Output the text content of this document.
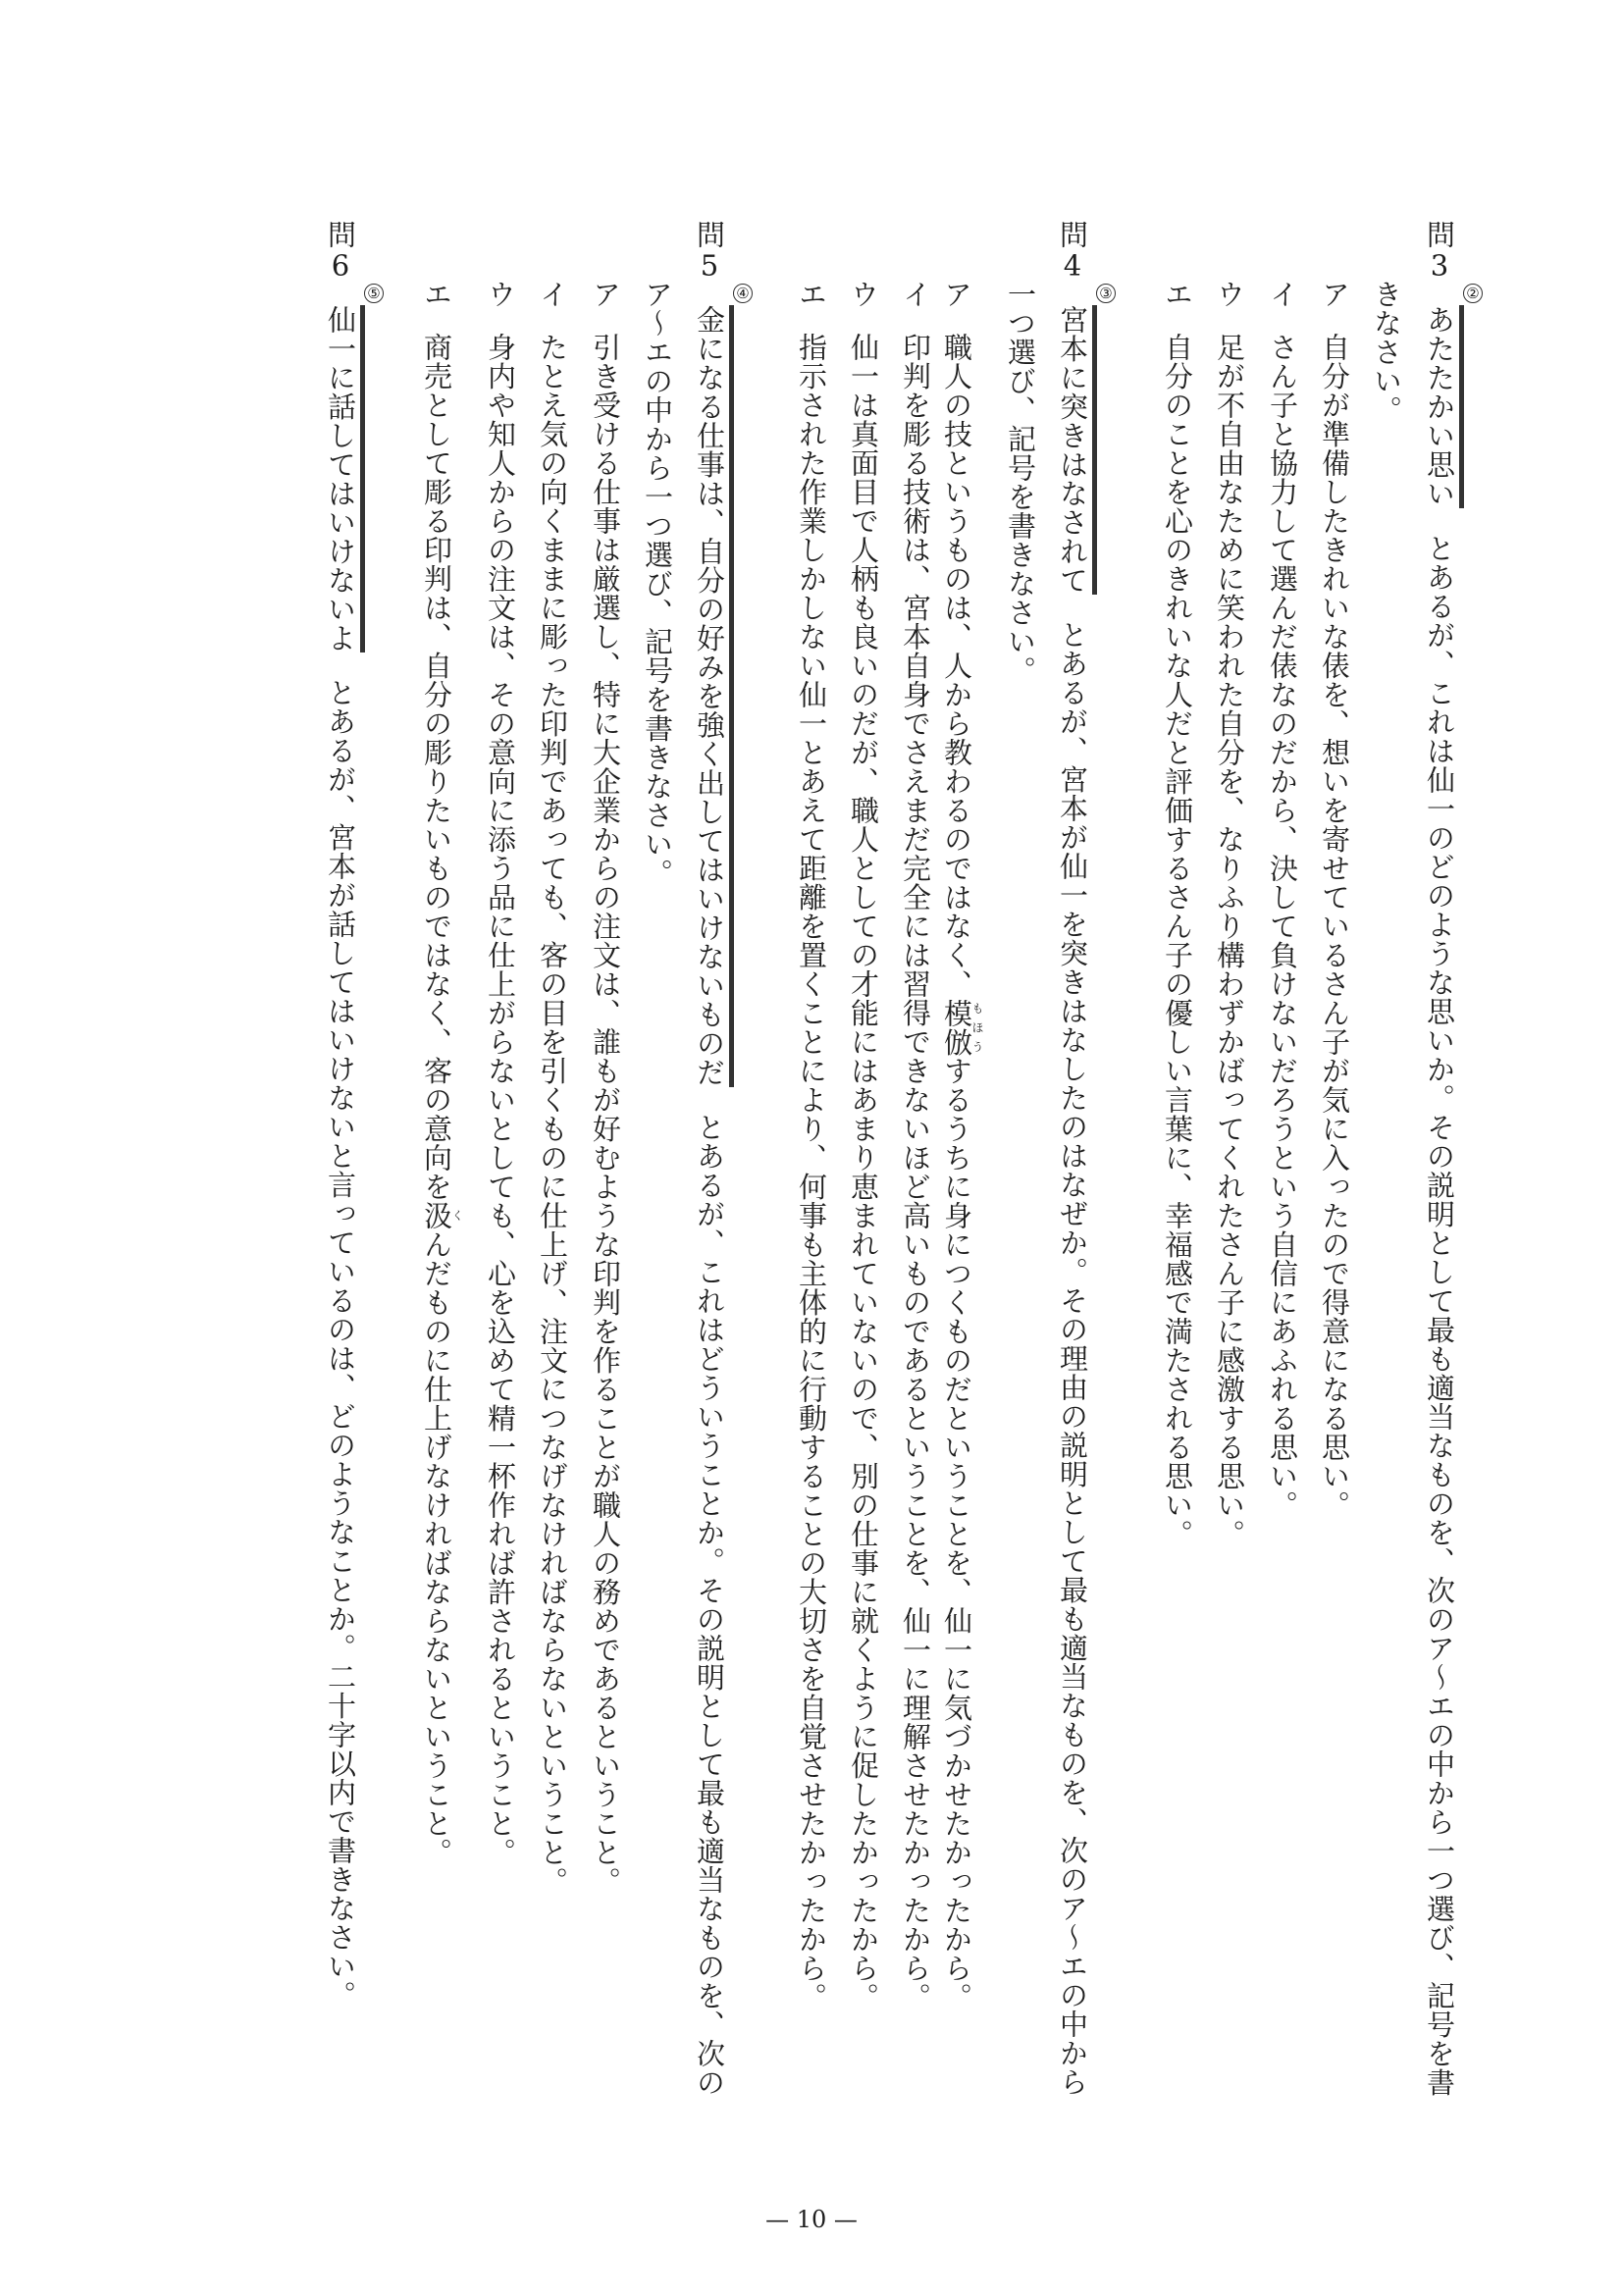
問3
②
あたたかい思いとあるが、これは仙一のどのような思いか。その説明として最も適当なものを、次のア～エの中から一つ選び、記号を書
きなさい。
ア自分が準備したきれいな俵を、想いを寄せているさん子が気に入ったので得意になる思い。
イさん子と協力して選んだ俵なのだから、決して負けないだろうという自信にあふれる思い。
ウ足が不自由なために笑われた自分を、なりふり構わずかばってくれたさん子に感激する思い。
エ自分のことを心のきれいな人だと評価するさん子の優しい言葉に、幸福感で満たされる思い。
問4
③
宮本に突きはなされてとあるが、宮本が仙一を突きはなしたのはなぜか。その理由の説明として最も適当なものを、次のア～エの中から
一つ選び、記号を書きなさい。
ア職人の技というものは、人から教わるのではなく、模倣もほうするうちに身につくものだということを、仙一に気づかせたかったから。
イ印判を彫る技術は、宮本自身でさえまだ完全には習得できないほど高いものであるということを、仙一に理解させたかったから。
ウ仙一は真面目で人柄も良いのだが、職人としての才能にはあまり恵まれていないので、別の仕事に就くように促したかったから。
エ指示された作業しかしない仙一とあえて距離を置くことにより、何事も主体的に行動することの大切さを自覚させたかったから。
問5
④
金になる仕事は、自分の好みを強く出してはいけないものだとあるが、これはどういうことか。その説明として最も適当なものを、次の
ア～エの中から一つ選び、記号を書きなさい。
ア引き受ける仕事は厳選し、特に大企業からの注文は、誰もが好むような印判を作ることが職人の務めであるということ。
イたとえ気の向くままに彫った印判であっても、客の目を引くものに仕上げ、注文につなげなければならないということ。
ウ身内や知人からの注文は、その意向に添う品に仕上がらないとしても、心を込めて精一杯作れば許されるということ。
エ商売として彫る印判は、自分の彫りたいものではなく、客の意向を汲くんだものに仕上げなければならないということ。
問6
⑤
仙一に話してはいけないよとあるが、宮本が話してはいけないと言っているのは、どのようなことか。二十字以内で書きなさい。
— 10 —
